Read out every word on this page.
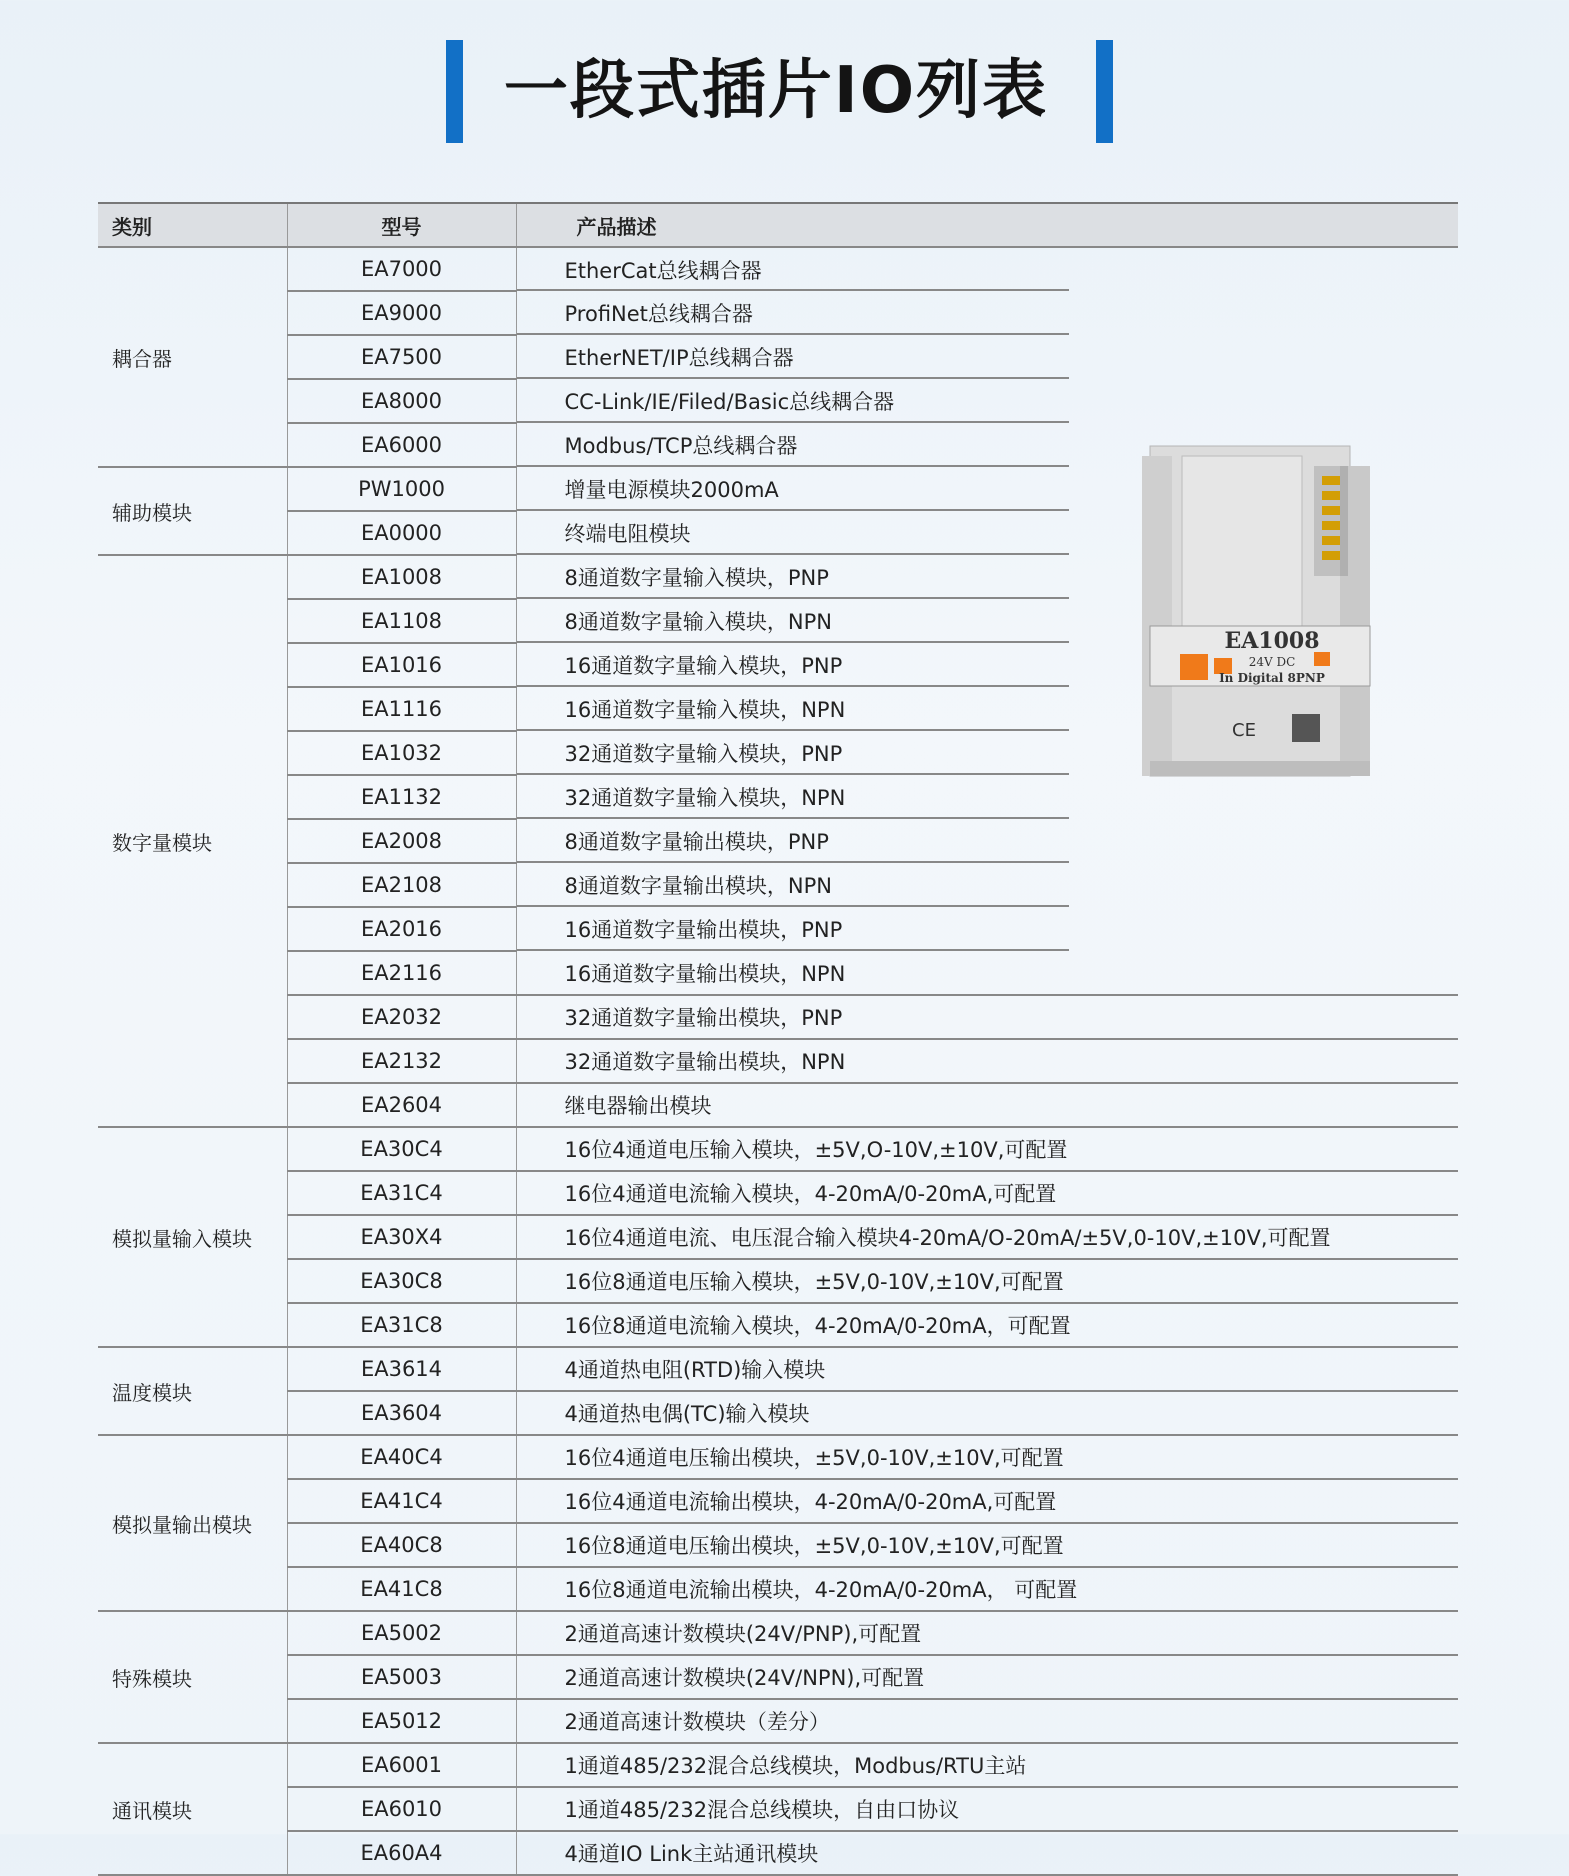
一段式插片IO列表
类别	型号	产品描述
耦合器	EA7000	EtherCat总线耦合器
	EA9000	ProfiNet总线耦合器
	EA7500	EtherNET/IP总线耦合器
	EA8000	CC-Link/IE/Filed/Basic总线耦合器
	EA6000	Modbus/TCP总线耦合器
辅助模块	PW1000	增量电源模块2000mA
	EA0000	终端电阻模块
数字量模块	EA1008	8通道数字量输入模块，PNP
	EA1108	8通道数字量输入模块，NPN
	EA1016	16通道数字量输入模块，PNP
	EA1116	16通道数字量输入模块，NPN
	EA1032	32通道数字量输入模块，PNP
	EA1132	32通道数字量输入模块，NPN
	EA2008	8通道数字量输出模块，PNP
	EA2108	8通道数字量输出模块，NPN
	EA2016	16通道数字量输出模块，PNP
	EA2116	16通道数字量输出模块，NPN
	EA2032	32通道数字量输出模块，PNP
	EA2132	32通道数字量输出模块，NPN
	EA2604	继电器输出模块
模拟量输入模块	EA30C4	16位4通道电压输入模块，±5V,O-10V,±10V,可配置
	EA31C4	16位4通道电流输入模块，4-20mA/0-20mA,可配置
	EA30X4	16位4通道电流、电压混合输入模块4-20mA/O-20mA/±5V,0-10V,±10V,可配置
	EA30C8	16位8通道电压输入模块，±5V,0-10V,±10V,可配置
	EA31C8	16位8通道电流输入模块，4-20mA/0-20mA，可配置
温度模块	EA3614	4通道热电阻(RTD)输入模块
	EA3604	4通道热电偶(TC)输入模块
模拟量输出模块	EA40C4	16位4通道电压输出模块，±5V,0-10V,±10V,可配置
	EA41C4	16位4通道电流输出模块，4-20mA/0-20mA,可配置
	EA40C8	16位8通道电压输出模块，±5V,0-10V,±10V,可配置
	EA41C8	16位8通道电流输出模块，4-20mA/0-20mA， 可配置
特殊模块	EA5002	2通道高速计数模块(24V/PNP),可配置
	EA5003	2通道高速计数模块(24V/NPN),可配置
	EA5012	2通道高速计数模块（差分）
通讯模块	EA6001	1通道485/232混合总线模块，Modbus/RTU主站
	EA6010	1通道485/232混合总线模块，自由口协议
	EA60A4	4通道IO Link主站通讯模块
EA1008
24V DC
In Digital 8PNP
CE
